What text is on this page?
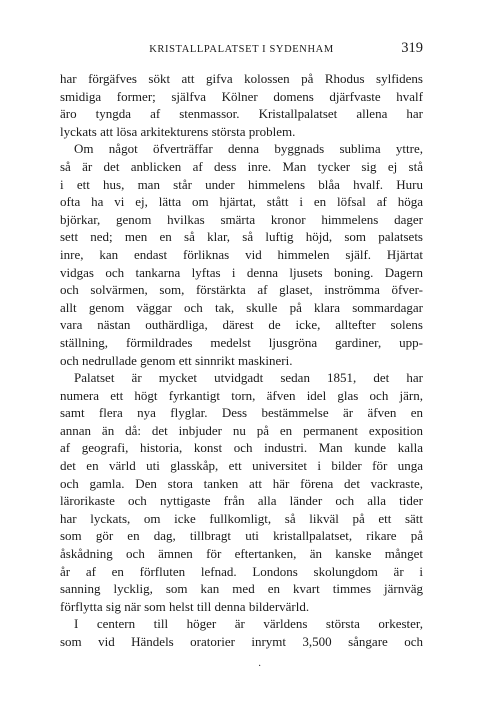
KRISTALLPALATSET I SYDENHAM	319
har förgäfves sökt att gifva kolossen på Rhodus sylfidens
smidiga former; själfva Kölner domens djärfvaste hvalf
äro tyngda af stenmassor. Kristallpalatset allena har
lyckats att lösa arkitekturens största problem.
Om något öfverträffar denna byggnads sublima yttre,
så är det anblicken af dess inre. Man tycker sig ej stå
i ett hus, man står under himmelens blåa hvalf. Huru
ofta ha vi ej, lätta om hjärtat, stått i en löfsal af höga
björkar, genom hvilkas smärta kronor himmelens dager
sett ned; men en så klar, så luftig höjd, som palatsets
inre, kan endast förliknas vid himmelen själf. Hjärtat
vidgas och tankarna lyftas i denna ljusets boning. Dagern
och solvärmen, som, förstärkta af glaset, inströmma öfver-
allt genom väggar och tak, skulle på klara sommardagar
vara nästan outhärdliga, därest de icke, alltefter solens
ställning, förmildrades medelst ljusgröna gardiner, upp-
och nedrullade genom ett sinnrikt maskineri.
Palatset är mycket utvidgadt sedan 1851, det har
numera ett högt fyrkantigt torn, äfven idel glas och järn,
samt flera nya flyglar. Dess bestämmelse är äfven en
annan än då: det inbjuder nu på en permanent exposition
af geografi, historia, konst och industri. Man kunde kalla
det en värld uti glasskåp, ett universitet i bilder för unga
och gamla. Den stora tanken att här förena det vackraste,
lärorikaste och nyttigaste från alla länder och alla tider
har lyckats, om icke fullkomligt, så likväl på ett sätt
som gör en dag, tillbragt uti kristallpalatset, rikare på
åskådning och ämnen för eftertanken, än kanske månget
år af en förfluten lefnad. Londons skolungdom är i
sanning lycklig, som kan med en kvart timmes järnväg
förflytta sig när som helst till denna bildervärld.
I centern till höger är världens största orkester,
som vid Händels oratorier inrymt 3,500 sångare och
·
